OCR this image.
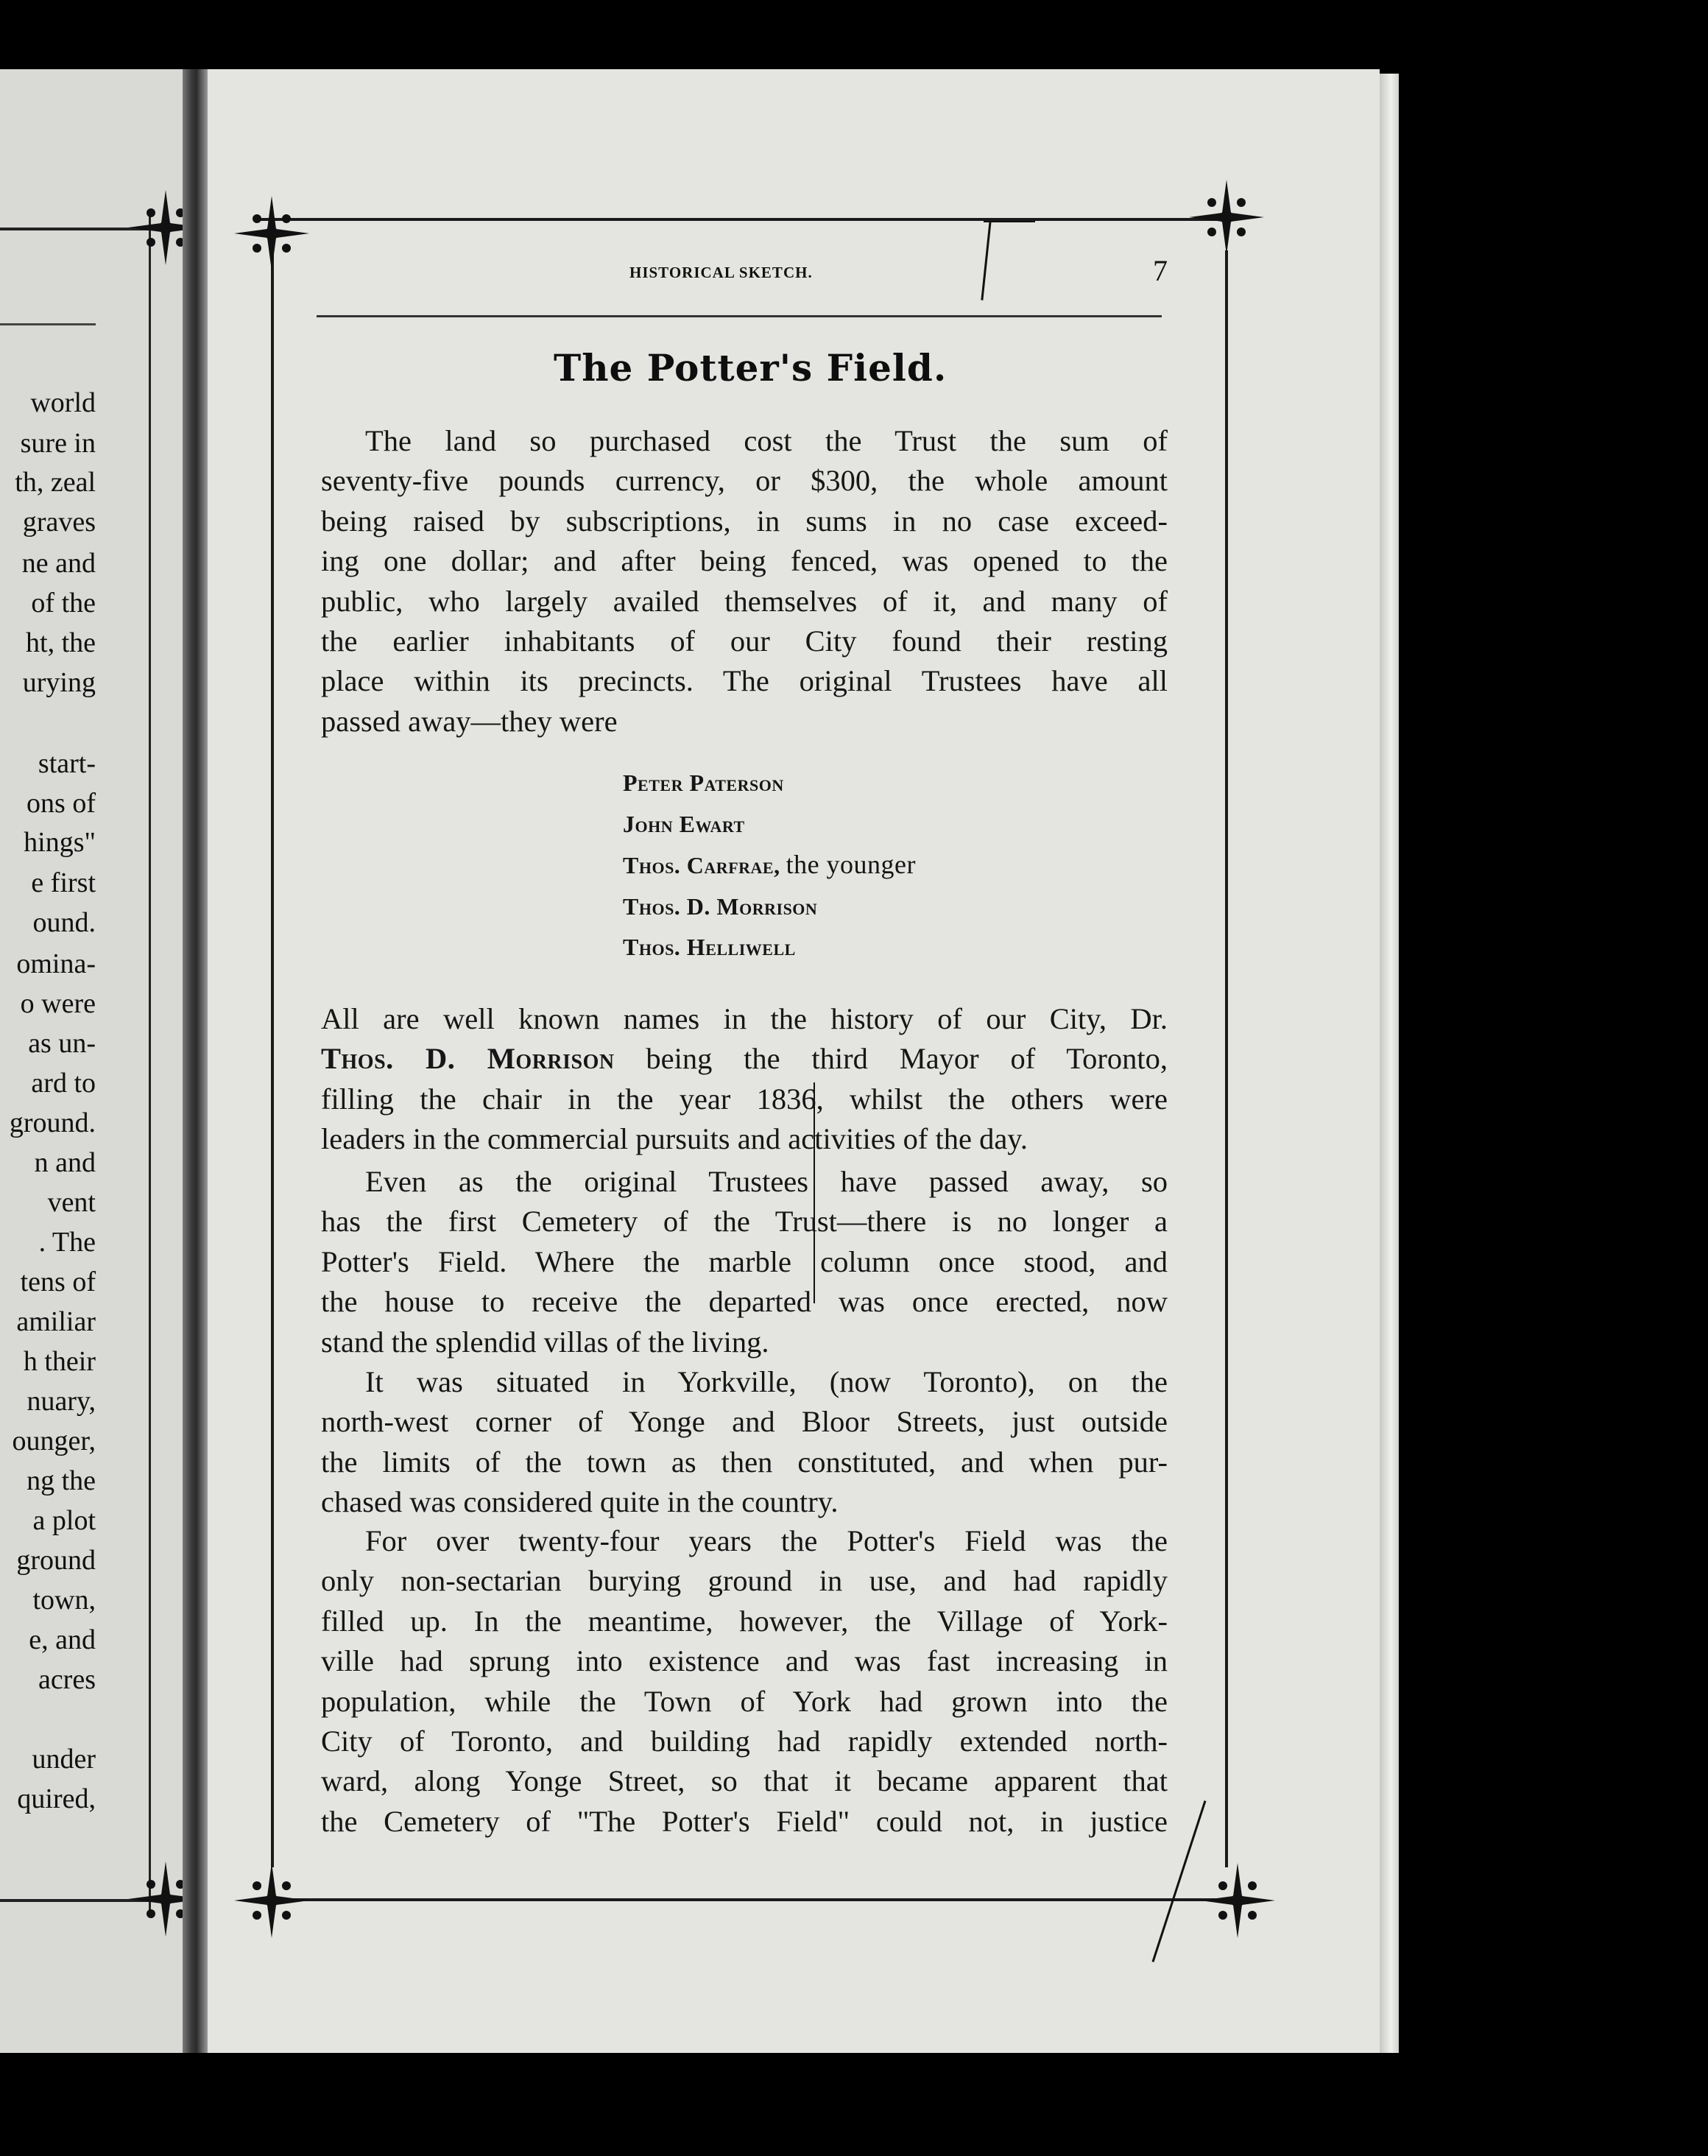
world

sure in

th, zeal

graves

ne and

of the

ht, the

urying

start-

ons of

hings"

e first

ound.

omina-

o were

as un-

ard to

ground.

n and

vent

. The

tens of

amiliar

h their

nuary,

ounger,

ng the

a plot

ground

town,

e, and

acres

under

quired,

HISTORICAL SKETCH.	7
The Potter's Field.

The land so purchased cost the Trust the sum of
seventy-five pounds currency, or $300, the whole amount
being raised by subscriptions, in sums in no case exceed-
ing one dollar; and after being fenced, was opened to the
public, who largely availed themselves of it, and many of
the earlier inhabitants of our City found their resting
place within its precincts. The original Trustees have all
passed away—they were

Peter Paterson
John Ewart
Thos. Carfrae, the younger
Thos. D. Morrison
Thos. Helliwell

All are well known names in the history of our City, Dr.
Thos. D. Morrison being the third Mayor of Toronto,
filling the chair in the year 1836, whilst the others were
leaders in the commercial pursuits and activities of the day.

Even as the original Trustees have passed away, so
has the first Cemetery of the Trust—there is no longer a
Potter's Field. Where the marble column once stood, and
the house to receive the departed was once erected, now
stand the splendid villas of the living.

It was situated in Yorkville, (now Toronto), on the
north-west corner of Yonge and Bloor Streets, just outside
the limits of the town as then constituted, and when pur-
chased was considered quite in the country.

For over twenty-four years the Potter's Field was the
only non-sectarian burying ground in use, and had rapidly
filled up. In the meantime, however, the Village of York-
ville had sprung into existence and was fast increasing in
population, while the Town of York had grown into the
City of Toronto, and building had rapidly extended north-
ward, along Yonge Street, so that it became apparent that
the Cemetery of "The Potter's Field" could not, in justice
